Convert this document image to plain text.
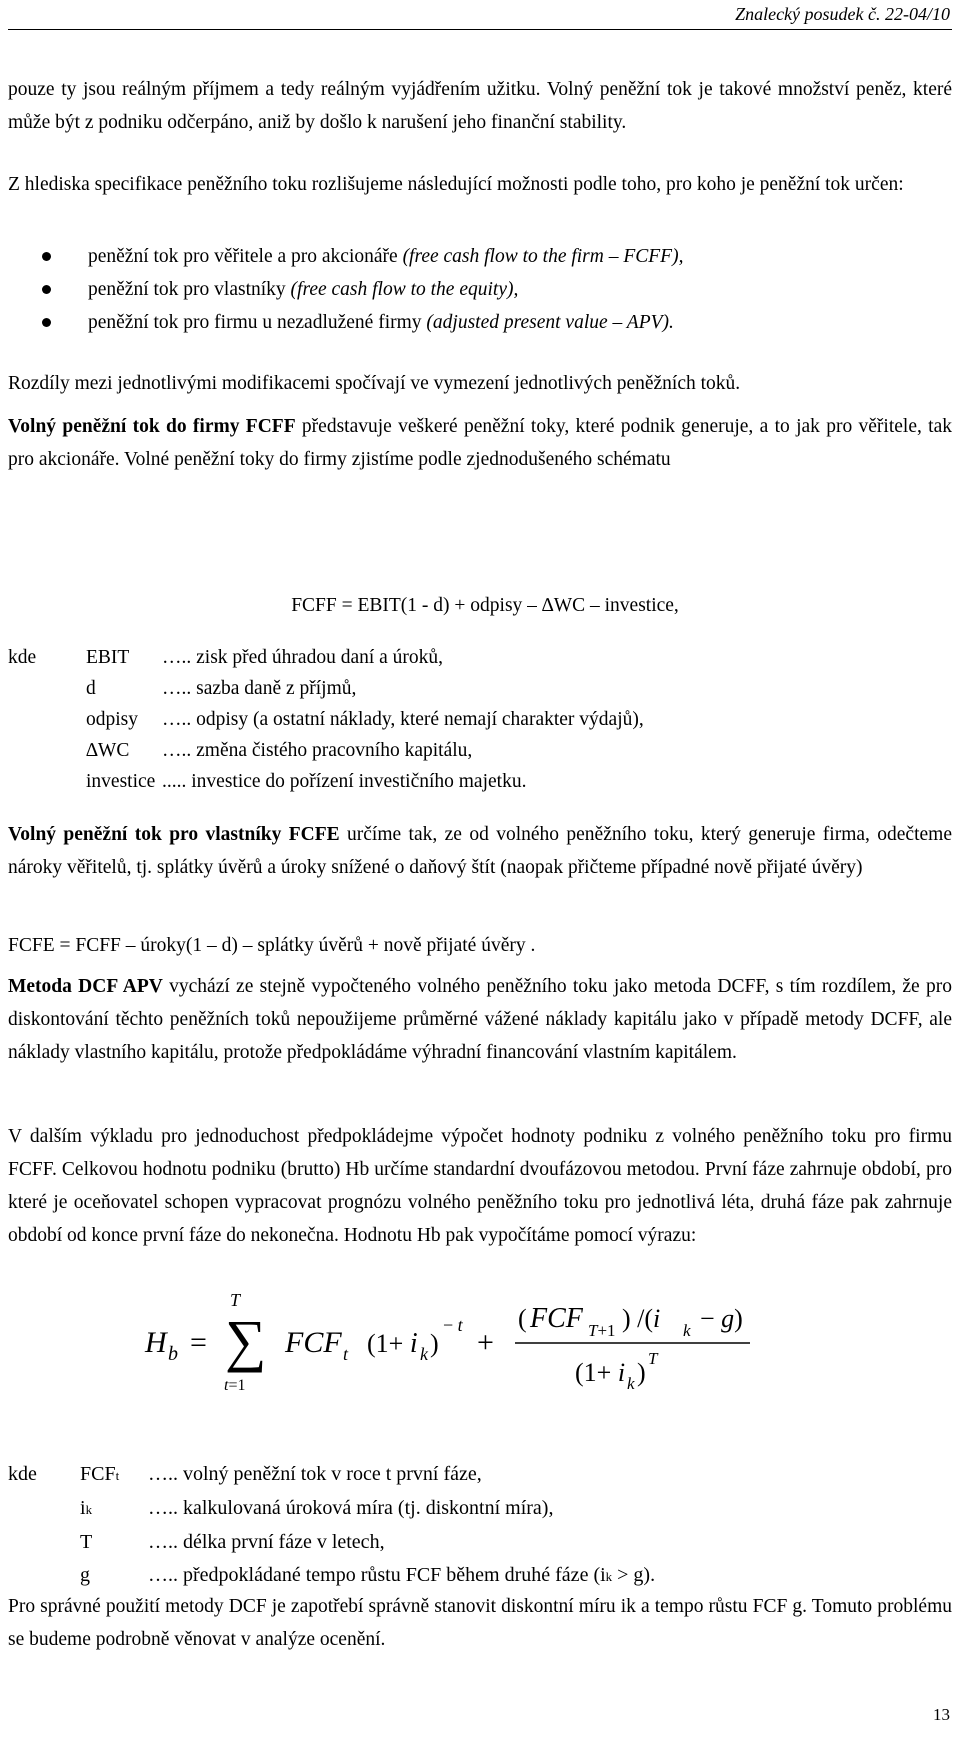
Znalecký posudek č. 22-04/10
pouze ty jsou reálným příjmem a tedy reálným vyjádřením užitku. Volný peněžní tok je takové množství peněz, které může být z podniku odčerpáno, aniž by došlo k narušení jeho finanční stability.
Z hlediska specifikace peněžního toku rozlišujeme následující možnosti podle toho, pro koho je peněžní tok určen:
peněžní tok pro věřitele a pro akcionáře (free cash flow to the firm – FCFF),
peněžní tok pro vlastníky (free cash flow to the equity),
peněžní tok pro firmu u nezadlužené firmy (adjusted present value – APV).
Rozdíly mezi jednotlivými modifikacemi spočívají ve vymezení jednotlivých peněžních toků.
Volný peněžní tok do firmy FCFF představuje veškeré peněžní toky, které podnik generuje, a to jak pro věřitele, tak pro akcionáře. Volné peněžní toky do firmy zjistíme podle zjednodušeného schématu
FCFF = EBIT(1 - d) + odpisy – ∆WC – investice,
kde	EBIT	….. zisk před úhradou daní a úroků,
	d	….. sazba daně z příjmů,
	odpisy	….. odpisy (a ostatní náklady, které nemají charakter výdajů),
	∆WC	….. změna čistého pracovního kapitálu,
	investice	..... investice do pořízení investičního majetku.
Volný peněžní tok pro vlastníky FCFE určíme tak, ze od volného peněžního toku, který generuje firma, odečteme nároky věřitelů, tj. splátky úvěrů a úroky snížené o daňový štít (naopak přičteme případné nově přijaté úvěry)
FCFE = FCFF – úroky(1 – d) – splátky úvěrů + nově přijaté úvěry .
Metoda DCF APV vychází ze stejně vypočteného volného peněžního toku jako metoda DCFF, s tím rozdílem, že pro diskontování těchto peněžních toků nepoužijeme průměrné vážené náklady kapitálu jako v případě metody DCFF, ale náklady vlastního kapitálu, protože předpokládáme výhradní financování vlastním kapitálem.
V dalším výkladu pro jednoduchost předpokládejme výpočet hodnoty podniku z volného peněžního toku pro firmu FCFF. Celkovou hodnotu podniku (brutto) Hb určíme standardní dvoufázovou metodou. První fáze zahrnuje období, pro které je oceňovatel schopen vypracovat prognózu volného peněžního toku pro jednotlivá léta, druhá fáze pak zahrnuje období od konce první fáze do nekonečna. Hodnotu Hb pak vypočítáme pomocí výrazu:
H b = ∑
T
t=1
FCF t (1+ i k )
− t
+
( FCF T+1 ) /(i k − g)
(1+ i k ) T
kde	FCFt	….. volný peněžní tok v roce t první fáze,
	ik	….. kalkulovaná úroková míra (tj. diskontní míra),
	T	….. délka první fáze v letech,
	g	….. předpokládané tempo růstu FCF během druhé fáze (ik > g).
Pro správné použití metody DCF je zapotřebí správně stanovit diskontní míru ik a tempo růstu FCF g. Tomuto problému se budeme podrobně věnovat v analýze ocenění.
13
